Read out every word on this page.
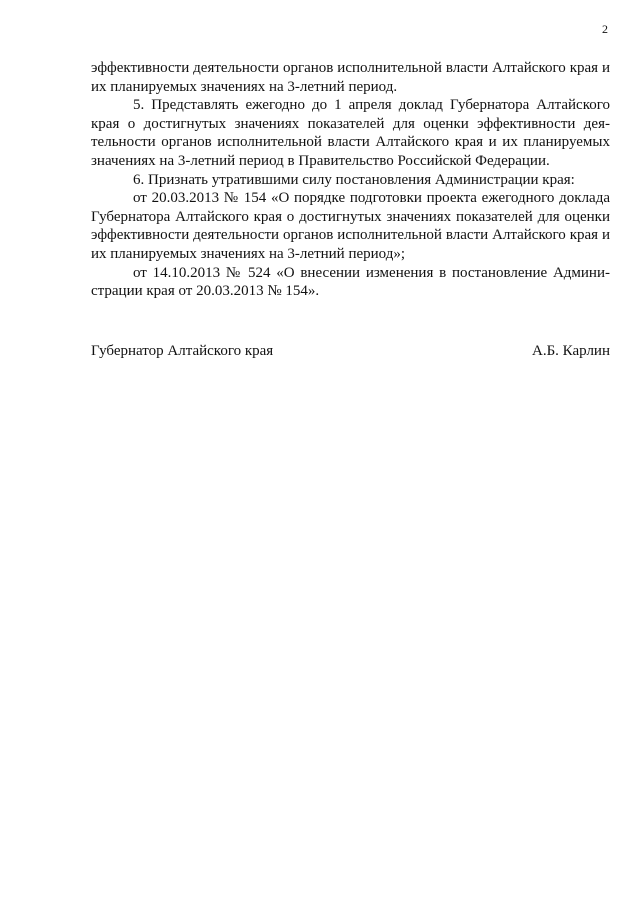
2

эффективности деятельности органов исполнительной власти Алтайского края и их планируемых значениях на 3-летний период.

5. Представлять ежегодно до 1 апреля доклад Губернатора Алтайского края о достигнутых значениях показателей для оценки эффективности деятельности органов исполнительной власти Алтайского края и их планируемых значениях на 3-летний период в Правительство Российской Федерации.

6. Признать утратившими силу постановления Администрации края:

от 20.03.2013 № 154 «О порядке подготовки проекта ежегодного доклада Губернатора Алтайского края о достигнутых значениях показателей для оценки эффективности деятельности органов исполнительной власти Алтайского края и их планируемых значениях на 3-летний период»;

от 14.10.2013 № 524 «О внесении изменения в постановление Администрации края от 20.03.2013 № 154».

Губернатор Алтайского края	А.Б. Карлин
